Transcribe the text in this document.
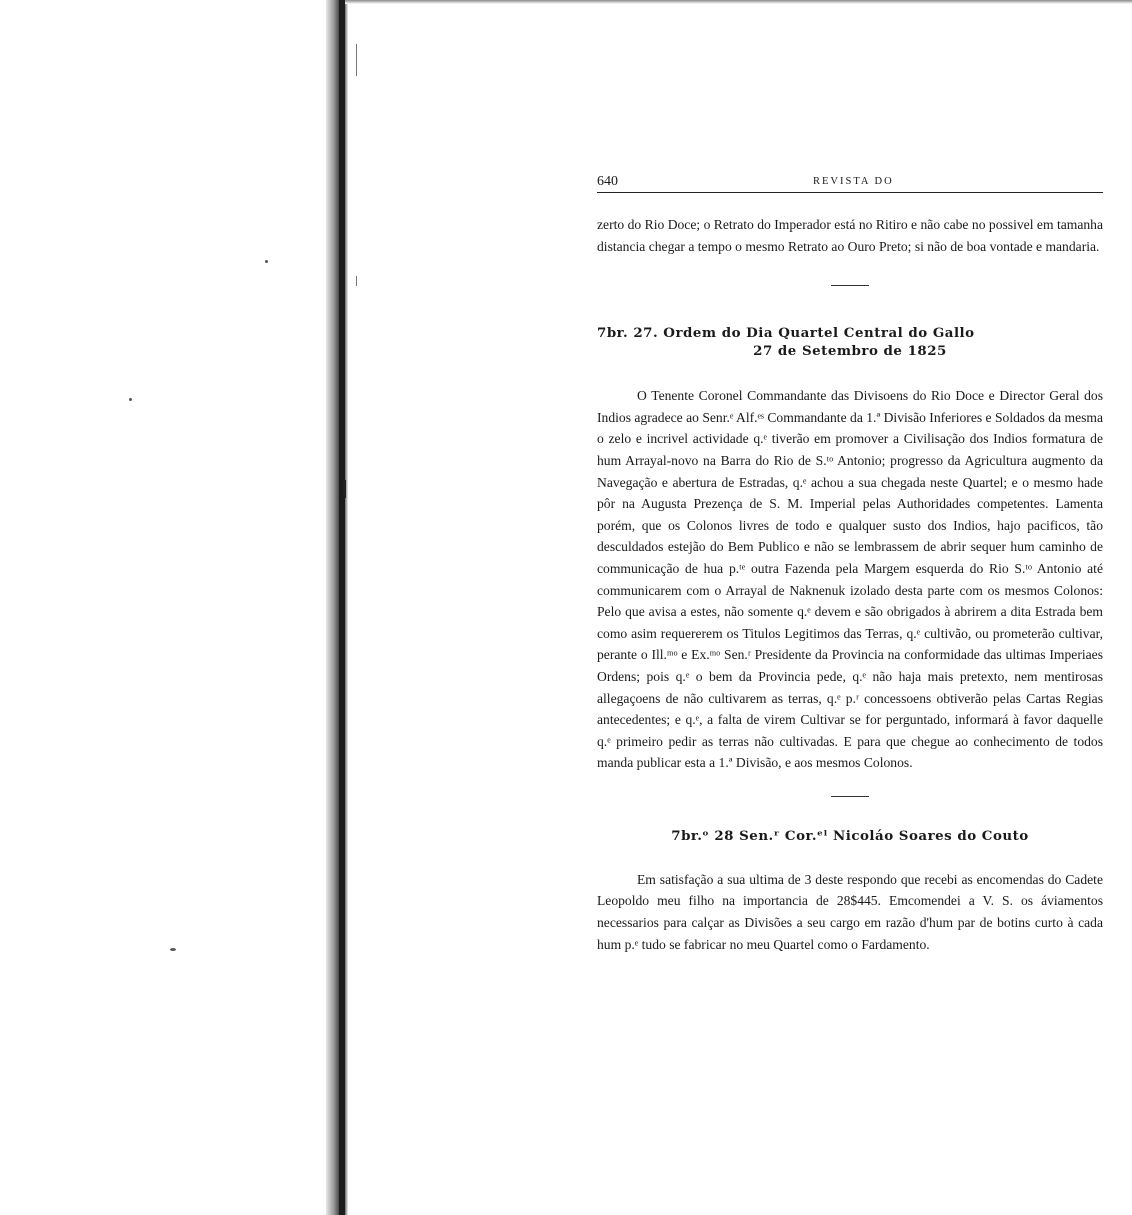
640	REVISTA DO

zerto do Rio Doce; o Retrato do Imperador está no Ritiro e não cabe no possivel em tamanha distancia chegar a tempo o mesmo Retrato ao Ouro Preto; si não de boa vontade e mandaria.

7br. 27. Ordem do Dia Quartel Central do Gallo

27 de Setembro de 1825

O Tenente Coronel Commandante das Divisoens do Rio Doce e Director Geral dos Indios agradece ao Senr.ᵉ Alf.ᵉˢ Commandante da 1.ª Divisão Inferiores e Soldados da mesma o zelo e incrivel actividade q.ᵉ tiverão em promover a Civilisação dos Indios formatura de hum Arrayal-novo na Barra do Rio de S.ᵗᵒ Antonio; progresso da Agricultura augmento da Navegação e abertura de Estradas, q.ᵉ achou a sua chegada neste Quartel; e o mesmo hade pôr na Augusta Prezença de S. M. Imperial pelas Authoridades competentes. Lamenta porém, que os Colonos livres de todo e qualquer susto dos Indios, hajo pacificos, tão desculdados estejão do Bem Publico e não se lembrassem de abrir sequer hum caminho de communicação de hua p.ᵗᵉ outra Fazenda pela Margem esquerda do Rio S.ᵗᵒ Antonio até communicarem com o Arrayal de Naknenuk izolado desta parte com os mesmos Colonos: Pelo que avisa a estes, não somente q.ᵉ devem e são obrigados à abrirem a dita Estrada bem como asim requererem os Titulos Legitimos das Terras, q.ᵉ cultivão, ou prometerão cultivar, perante o Ill.ᵐᵒ e Ex.ᵐᵒ Sen.ʳ Presidente da Provincia na conformidade das ultimas Imperiaes Ordens; pois q.ᵉ o bem da Provincia pede, q.ᵉ não haja mais pretexto, nem mentirosas allegaçoens de não cultivarem as terras, q.ᵉ p.ʳ concessoens obtiverão pelas Cartas Regias antecedentes; e q.ᵉ, a falta de virem Cultivar se for perguntado, informará à favor daquelle q.ᵉ primeiro pedir as terras não cultivadas. E para que chegue ao conhecimento de todos manda publicar esta a 1.ª Divisão, e aos mesmos Colonos.

7br.ᵒ 28 Sen.ʳ Cor.ᵉˡ Nicoláo Soares do Couto

Em satisfação a sua ultima de 3 deste respondo que recebi as encomendas do Cadete Leopoldo meu filho na importancia de 28$445. Emcomendei a V. S. os áviamentos necessarios para calçar as Divisões a seu cargo em razão d'hum par de botins curto à cada hum p.ᵉ tudo se fabricar no meu Quartel como o Fardamento.
